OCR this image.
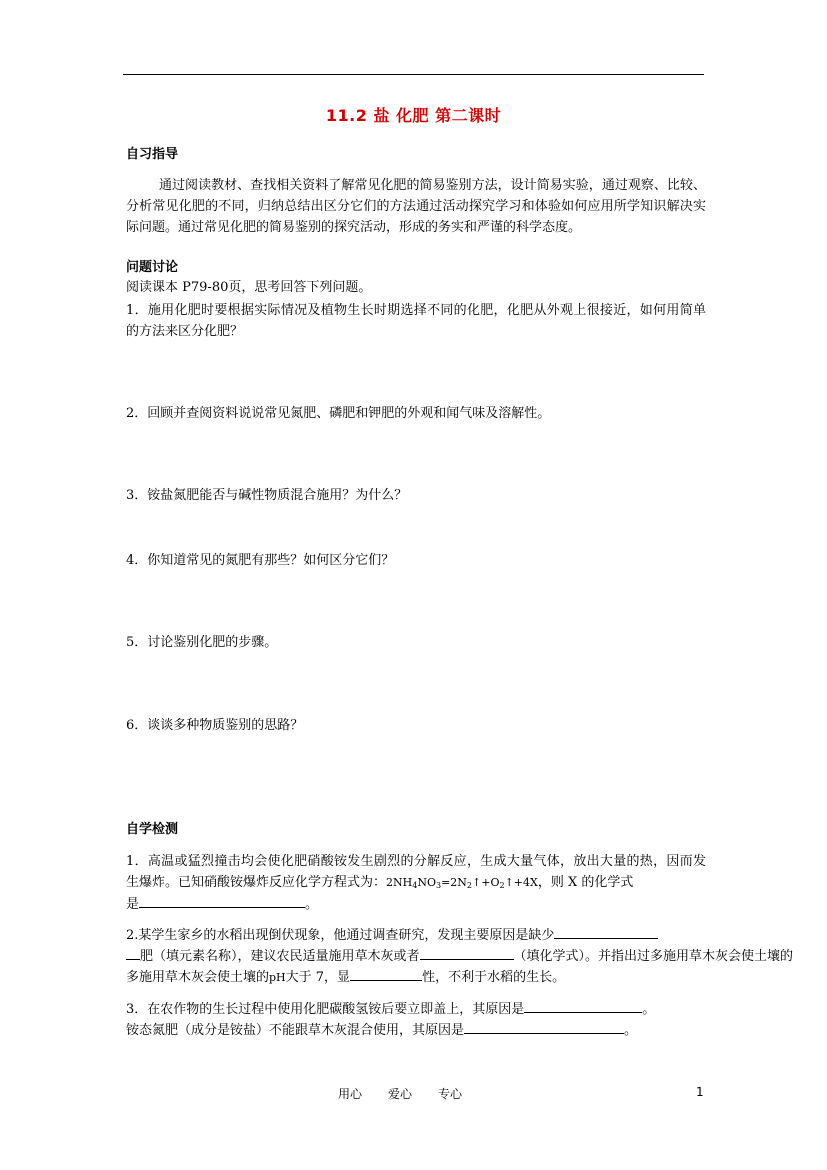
11.2 盐 化肥 第二课时
自习指导
通过阅读教材、查找相关资料了解常见化肥的简易鉴别方法，设计简易实验，通过观察、比较、分析常见化肥的不同，归纳总结出区分它们的方法通过活动探究学习和体验如何应用所学知识解决实际问题。通过常见化肥的简易鉴别的探究活动，形成的务实和严谨的科学态度。
问题讨论
阅读课本 P79-80页，思考回答下列问题。
1．施用化肥时要根据实际情况及植物生长时期选择不同的化肥，化肥从外观上很接近，如何用简单的方法来区分化肥？
2．回顾并查阅资料说说常见氮肥、磷肥和钾肥的外观和闻气味及溶解性。
3．铵盐氮肥能否与碱性物质混合施用？为什么？
4．你知道常见的氮肥有那些？如何区分它们？
5．讨论鉴别化肥的步骤。
6．谈谈多种物质鉴别的思路？
自学检测
1．高温或猛烈撞击均会使化肥硝酸铵发生剧烈的分解反应，生成大量气体，放出大量的热，因而发生爆炸。已知硝酸铵爆炸反应化学方程式为：$2NH_4NO_3=2N_2↑+O_2↑+4X$，则 X 的化学式
是	。
2.某学生家乡的水稻出现倒伏现象，他通过调查研究，发现主要原因是缺少
肥（填元素名称），建议农民适量施用草木灰或者	（填化学式）。并指出过多施用草木灰会使土壤的
多施用草木灰会使土壤的pH大于 7，显	性，不利于水稻的生长。
3．在农作物的生长过程中使用化肥碳酸氢铵后要立即盖上，其原因是	。
铵态氮肥（成分是铵盐）不能跟草木灰混合使用，其原因是	。
用心 爱心 专心	1
